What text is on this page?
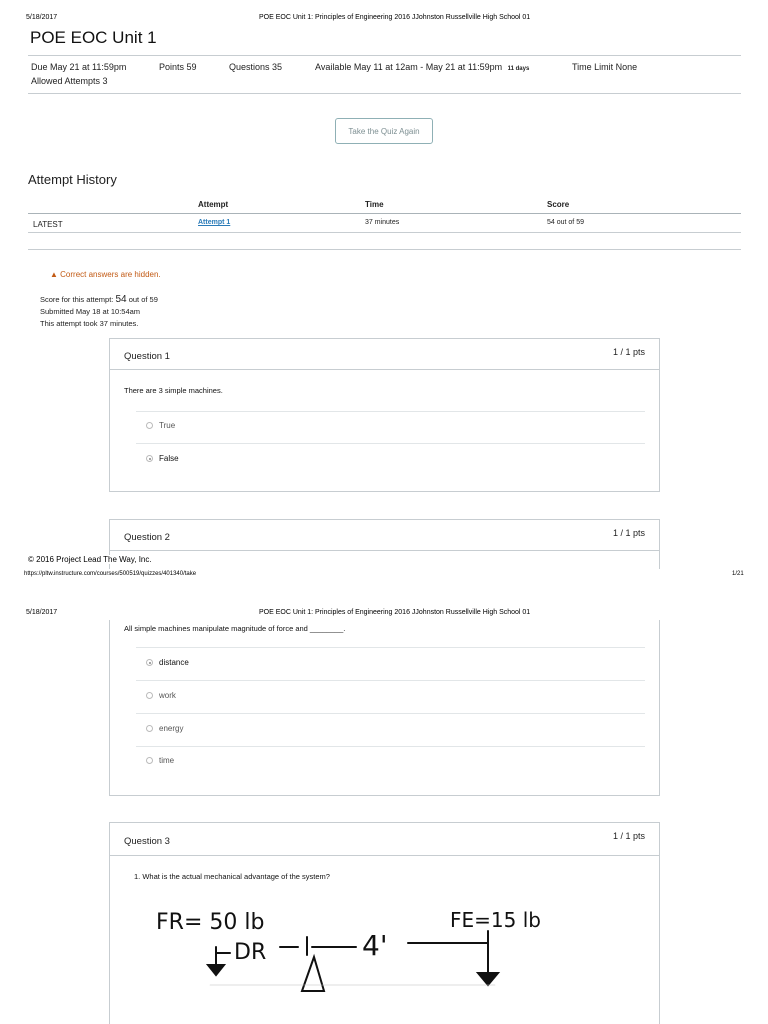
5/18/2017	POE EOC Unit 1: Principles of Engineering 2016 JJohnston Russellville High School 01
POE EOC Unit 1
Due May 21 at 11:59pm	Points 59	Questions 35	Available May 11 at 12am - May 21 at 11:59pm 11 days	Time Limit None
Allowed Attempts 3
Take the Quiz Again
Attempt History
Attempt	Time	Score
LATEST	Attempt 1	37 minutes	54 out of 59
▲ Correct answers are hidden.
Score for this attempt: 54 out of 59
Submitted May 18 at 10:54am
This attempt took 37 minutes.
Question 1	1 / 1 pts
There are 3 simple machines.
True
False
Question 2	1 / 1 pts
© 2016 Project Lead The Way, Inc.
https://pltw.instructure.com/courses/500519/quizzes/401340/take	1/21
5/18/2017	POE EOC Unit 1: Principles of Engineering 2016 JJohnston Russellville High School 01
All simple machines manipulate magnitude of force and ________.
distance
work
energy
time
Question 3	1 / 1 pts
1. What is the actual mechanical advantage of the system?
FR= 50 lb
DR	4'
FE=15 lb
